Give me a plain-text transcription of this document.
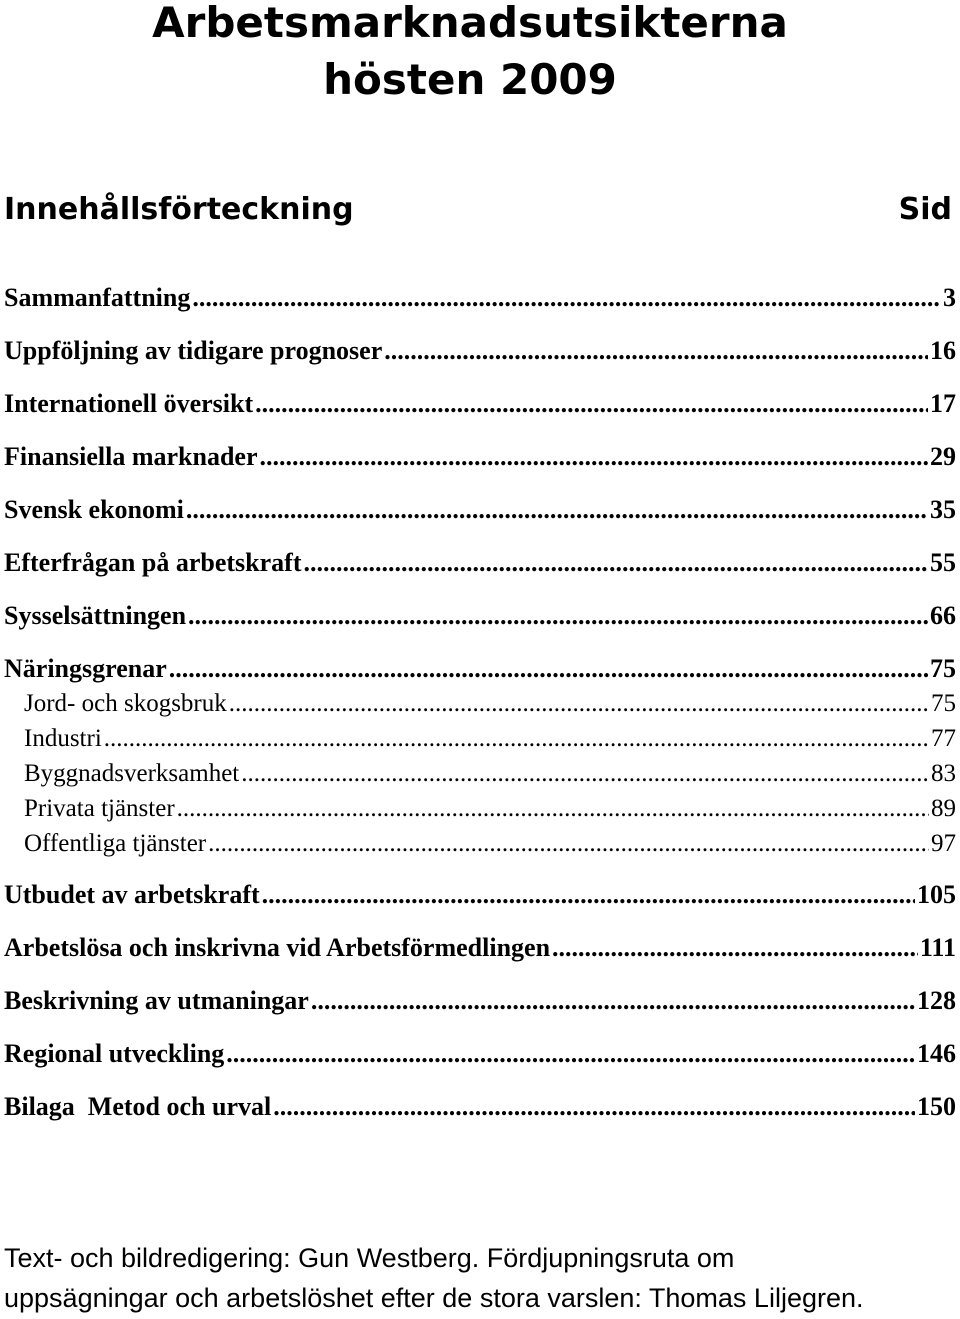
Arbetsmarknadsutsikterna
hösten 2009
Innehållsförteckning	Sid
Sammanfattning .....	3
Uppföljning av tidigare prognoser .....	16
Internationell översikt .....	17
Finansiella marknader .....	29
Svensk ekonomi .....	35
Efterfrågan på arbetskraft .....	55
Sysselsättningen .....	66
Näringsgrenar .....	75
Jord- och skogsbruk .....	75
Industri .....	77
Byggnadsverksamhet .....	83
Privata tjänster .....	89
Offentliga tjänster .....	97
Utbudet av arbetskraft .....	105
Arbetslösa och inskrivna vid Arbetsförmedlingen .....	111
Beskrivning av utmaningar .....	128
Regional utveckling .....	146
Bilaga  Metod och urval .....	150
Text- och bildredigering: Gun Westberg. Fördjupningsruta om
uppsägningar och arbetslöshet efter de stora varslen: Thomas Liljegren.
